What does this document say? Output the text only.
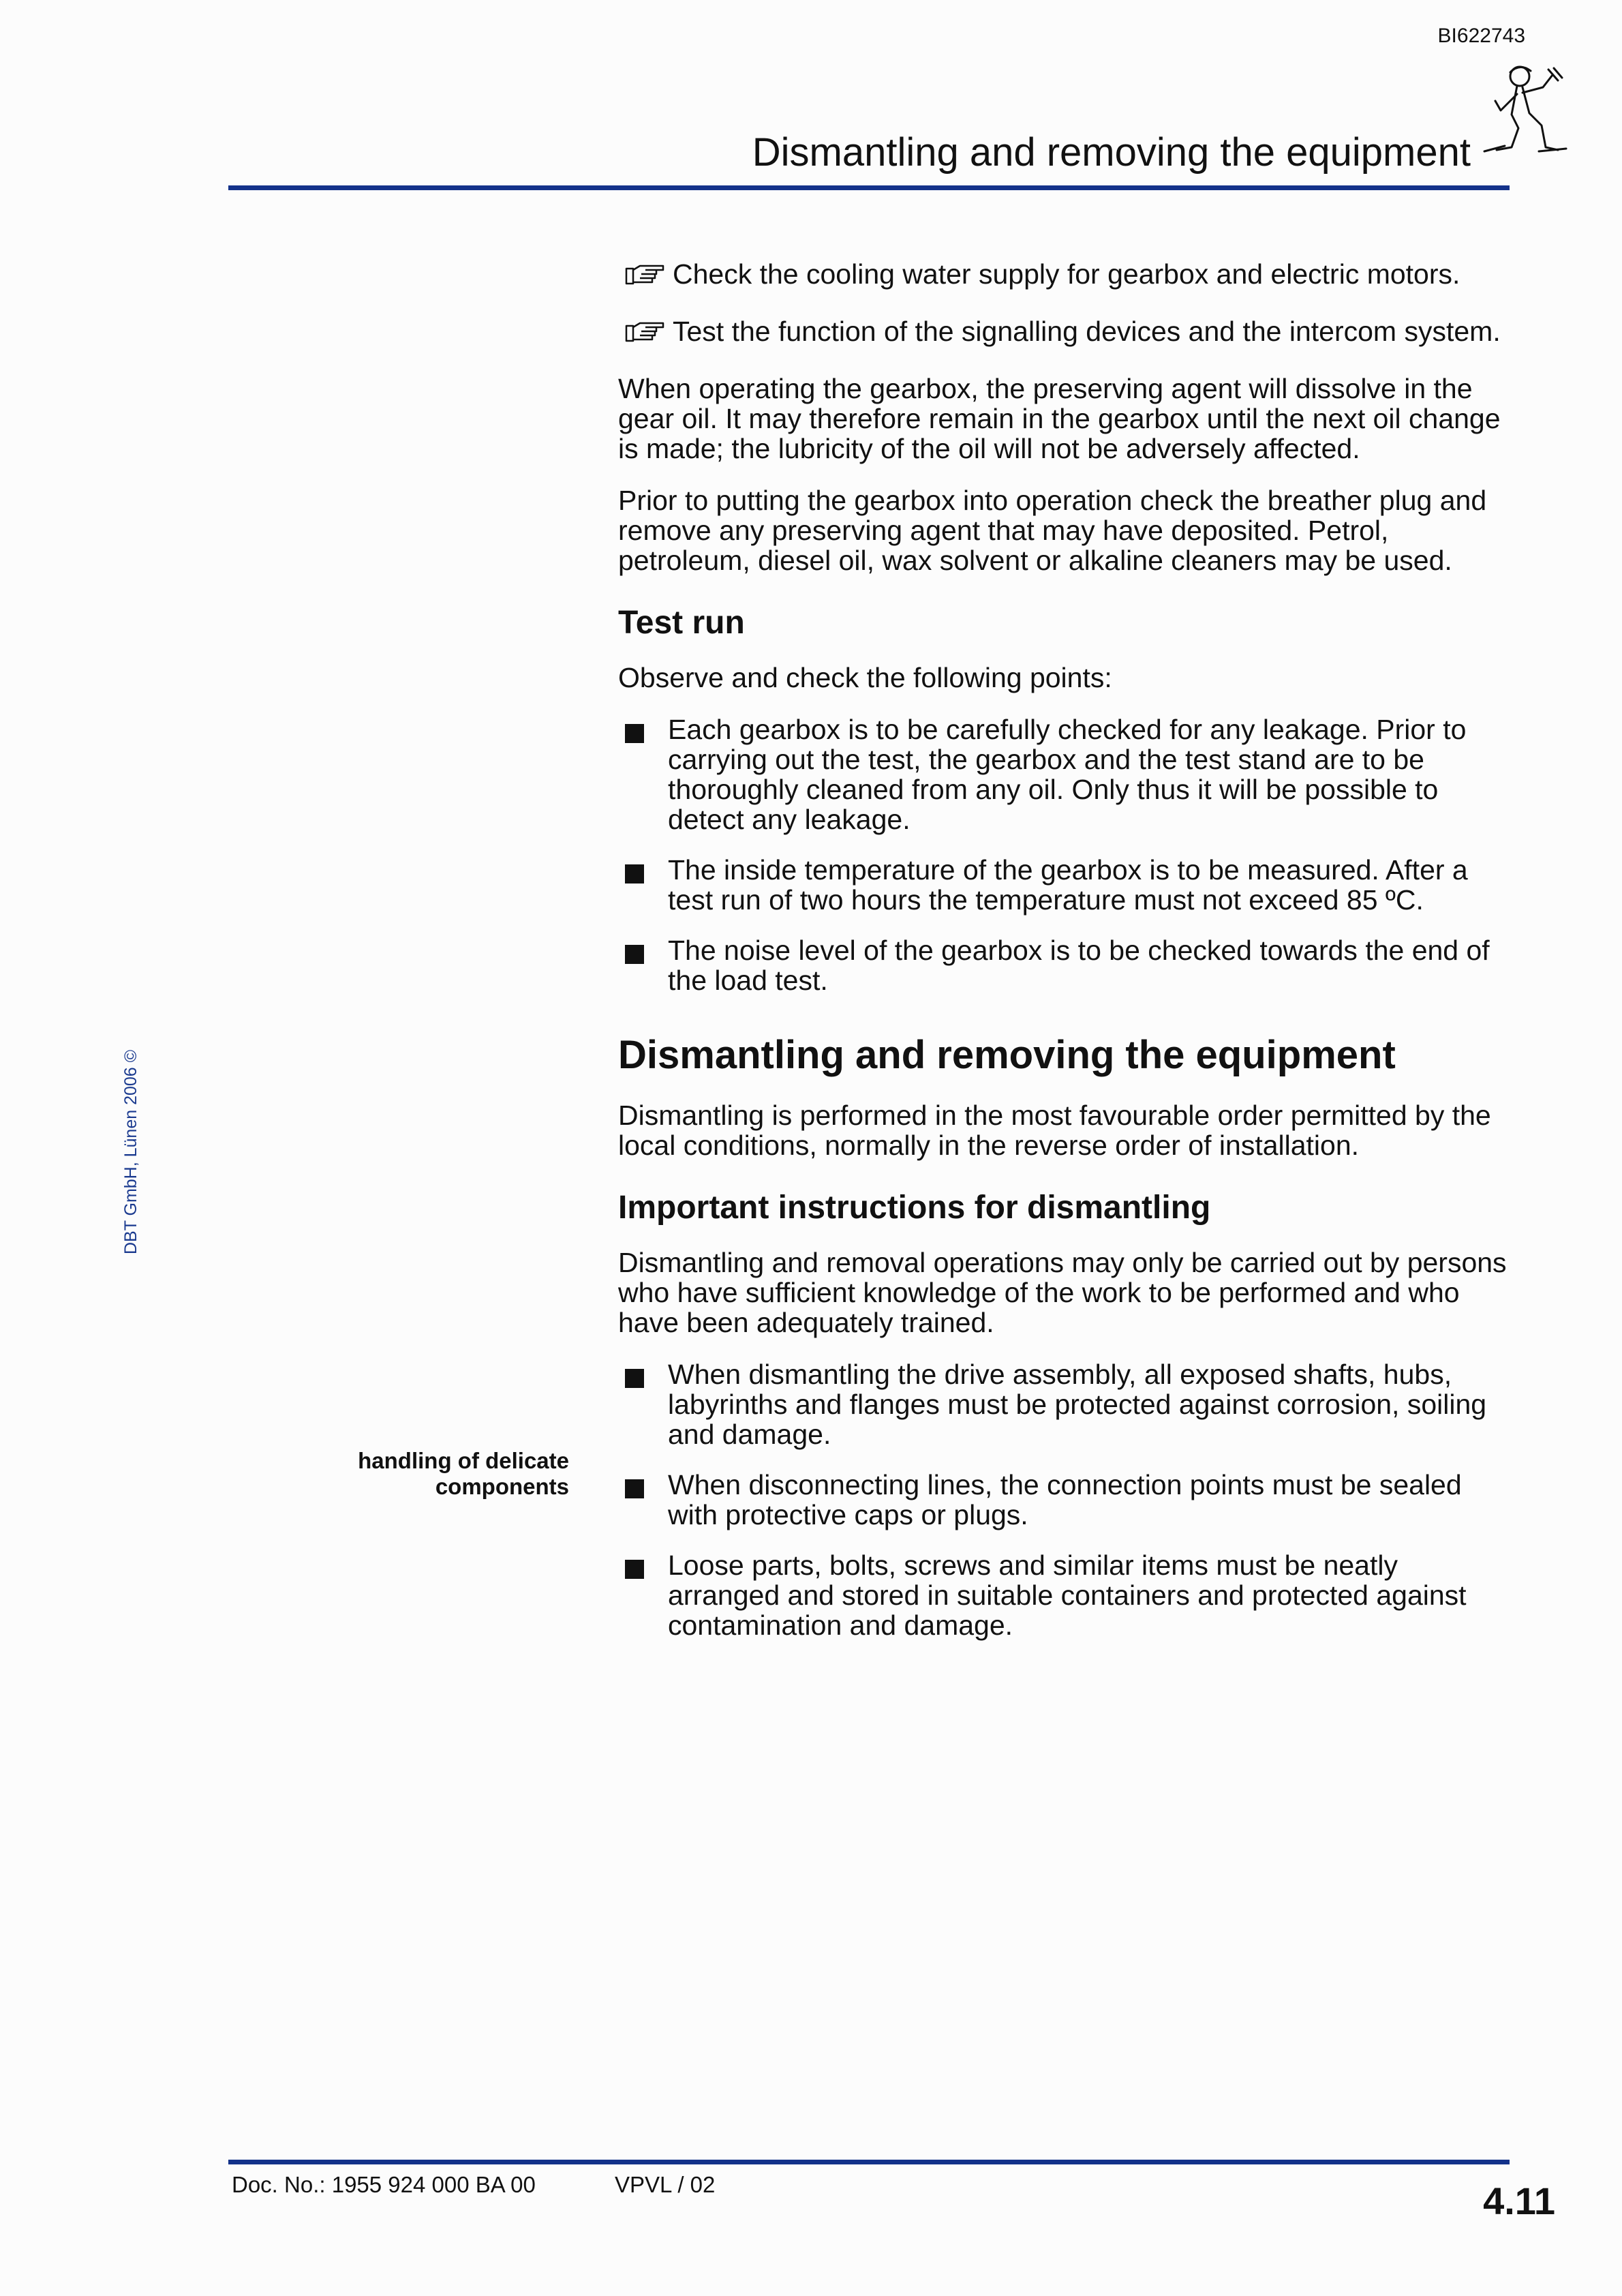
BI622743
Dismantling and removing the equipment
DBT GmbH, Lünen 2006 ©
handling of delicate components
Check the cooling water supply for gearbox and electric motors.
Test the function of the signalling devices and the intercom system.

When operating the gearbox, the preserving agent will dissolve in the gear oil. It may therefore remain in the gearbox until the next oil change is made; the lubricity of the oil will not be adversely affected.

Prior to putting the gearbox into operation check the breather plug and remove any preserving agent that may have deposited. Petrol, petroleum, diesel oil, wax solvent or alkaline cleaners may be used.

Test run

Observe and check the following points:

Each gearbox is to be carefully checked for any leakage. Prior to carrying out the test, the gearbox and the test stand are to be thoroughly cleaned from any oil. Only thus it will be possible to detect any leakage.
The inside temperature of the gearbox is to be measured. After a test run of two hours the temperature must not exceed 85 ºC.
The noise level of the gearbox is to be checked towards the end of the load test.
Dismantling and removing the equipment

Dismantling is performed in the most favourable order permitted by the local conditions, normally in the reverse order of installation.

Important instructions for dismantling

Dismantling and removal operations may only be carried out by persons who have sufficient knowledge of the work to be performed and who have been adequately trained.

When dismantling the drive assembly, all exposed shafts, hubs, labyrinths and flanges must be protected against corrosion, soiling and damage.
When disconnecting lines, the connection points must be sealed with protective caps or plugs.
Loose parts, bolts, screws and similar items must be neatly arranged and stored in suitable containers and protected against contamination and damage.
Doc. No.: 1955 924 000 BA 00	VPVL / 02	4.11
